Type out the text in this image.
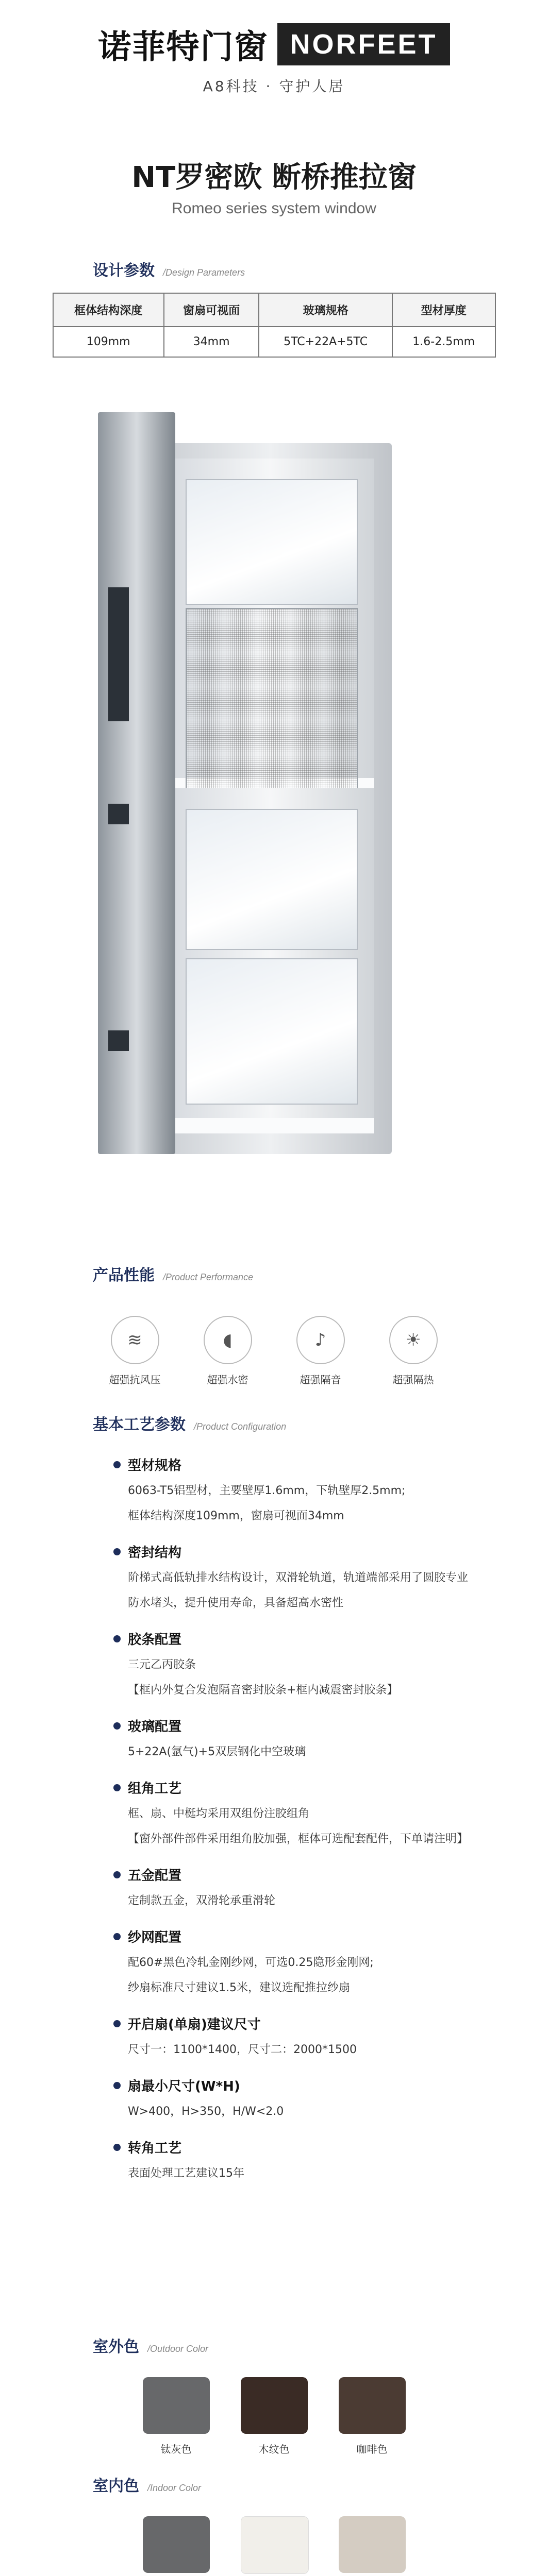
诺菲特门窗 NORFEET
A8科技 · 守护人居
NT罗密欧 断桥推拉窗
Romeo series system window
设计参数 /Design Parameters
框体结构深度	窗扇可视面	玻璃规格	型材厚度
109mm	34mm	5TC+22A+5TC	1.6-2.5mm
产品性能 /Product Performance
≋
超强抗风压
◖
超强水密
♪
超强隔音
☀
超强隔热
基本工艺参数 /Product Configuration
型材规格
6063-T5铝型材，主要壁厚1.6mm，下轨壁厚2.5mm;
框体结构深度109mm，窗扇可视面34mm
密封结构
阶梯式高低轨排水结构设计，双滑轮轨道，轨道端部采用了圆胶专业
防水堵头，提升使用寿命，具备超高水密性
胶条配置
三元乙丙胶条
【框内外复合发泡隔音密封胶条+框内减震密封胶条】
玻璃配置
5+22A(氩气)+5双层钢化中空玻璃
组角工艺
框、扇、中梃均采用双组份注胶组角
【窗外部件部件采用组角胶加强，框体可选配套配件，下单请注明】
五金配置
定制款五金，双滑轮承重滑轮
纱网配置
配60#黑色冷轧金刚纱网，可选0.25隐形金刚网;
纱扇标准尺寸建议1.5米，建议选配推拉纱扇
开启扇(单扇)建议尺寸
尺寸一：1100*1400，尺寸二：2000*1500
扇最小尺寸(W*H)
W>400，H>350，H/W<2.0
转角工艺
表面处理工艺建议15年
室外色 /Outdoor Color
钛灰色	木纹色	咖啡色
室内色 /Indoor Color
